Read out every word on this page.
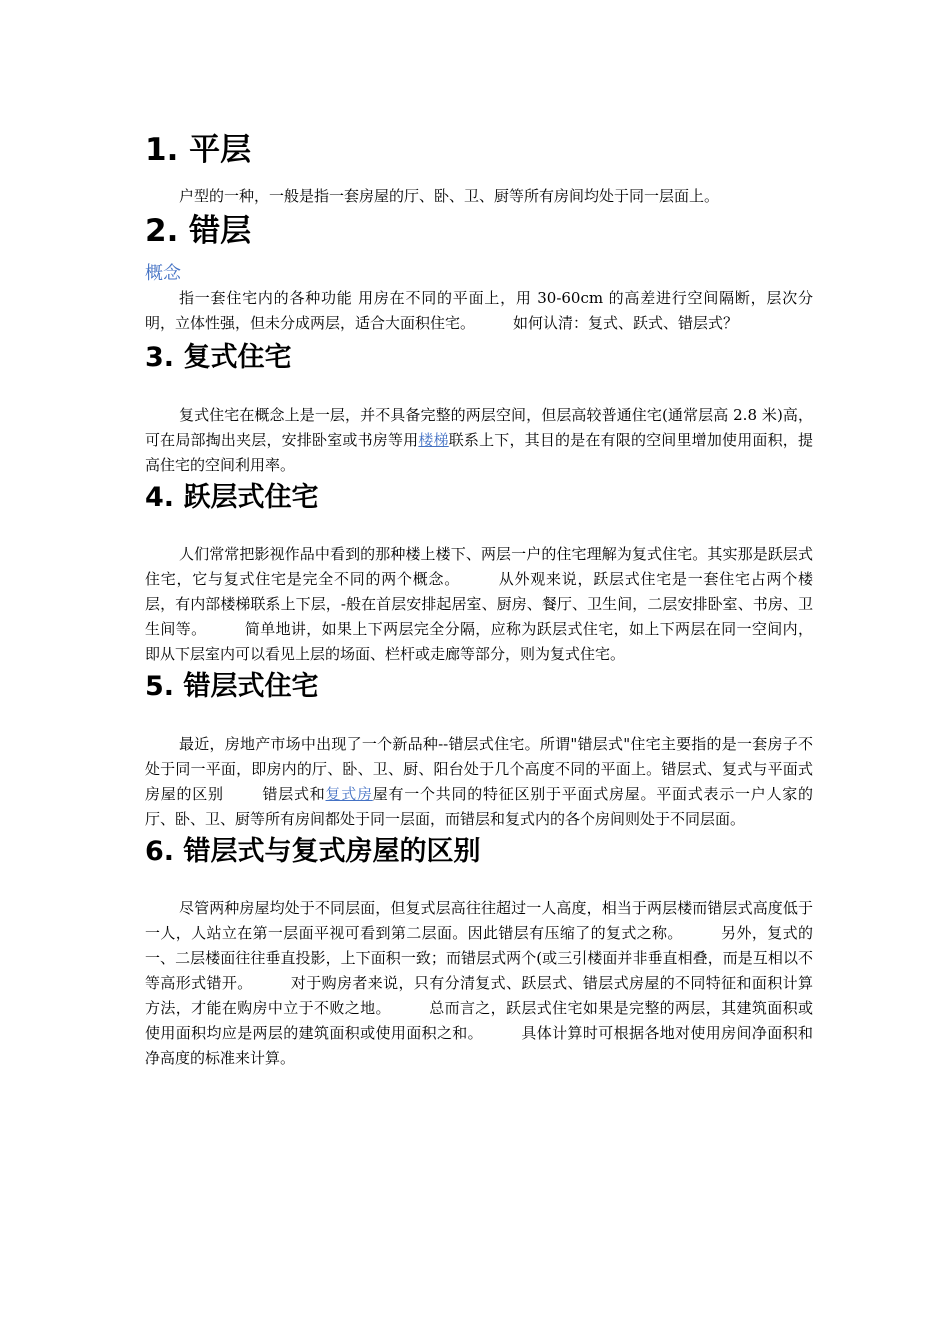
1. 平层

户型的一种，一般是指一套房屋的厅、卧、卫、厨等所有房间均处于同一层面上。

2. 错层

概念

指一套住宅内的各种功能 用房在不同的平面上，用 30-60cm 的高差进行空间隔断，层次分明，立体性强，但未分成两层，适合大面积住宅。	如何认清：复式、跃式、错层式？

3. 复式住宅

复式住宅在概念上是一层，并不具备完整的两层空间，但层高较普通住宅(通常层高 2.8 米)高，可在局部掏出夹层，安排卧室或书房等用楼梯联系上下，其目的是在有限的空间里增加使用面积，提高住宅的空间利用率。

4. 跃层式住宅

人们常常把影视作品中看到的那种楼上楼下、两层一户的住宅理解为复式住宅。其实那是跃层式住宅，它与复式住宅是完全不同的两个概念。	从外观来说，跃层式住宅是一套住宅占两个楼层，有内部楼梯联系上下层，-般在首层安排起居室、厨房、餐厅、卫生间，二层安排卧室、书房、卫生间等。	简单地讲，如果上下两层完全分隔，应称为跃层式住宅，如上下两层在同一空间内，即从下层室内可以看见上层的场面、栏杆或走廊等部分，则为复式住宅。

5. 错层式住宅

最近，房地产市场中出现了一个新品种--错层式住宅。所谓"错层式"住宅主要指的是一套房子不处于同一平面，即房内的厅、卧、卫、厨、阳台处于几个高度不同的平面上。错层式、复式与平面式房屋的区别	错层式和复式房屋有一个共同的特征区别于平面式房屋。平面式表示一户人家的厅、卧、卫、厨等所有房间都处于同一层面，而错层和复式内的各个房间则处于不同层面。

6. 错层式与复式房屋的区别

尽管两种房屋均处于不同层面，但复式层高往往超过一人高度，相当于两层楼而错层式高度低于一人，人站立在第一层面平视可看到第二层面。因此错层有压缩了的复式之称。	另外，复式的一、二层楼面往往垂直投影，上下面积一致；而错层式两个(或三引楼面并非垂直相叠，而是互相以不等高形式错开。	对于购房者来说，只有分清复式、跃层式、错层式房屋的不同特征和面积计算方法，才能在购房中立于不败之地。	总而言之，跃层式住宅如果是完整的两层，其建筑面积或使用面积均应是两层的建筑面积或使用面积之和。	具体计算时可根据各地对使用房间净面积和净高度的标准来计算。
